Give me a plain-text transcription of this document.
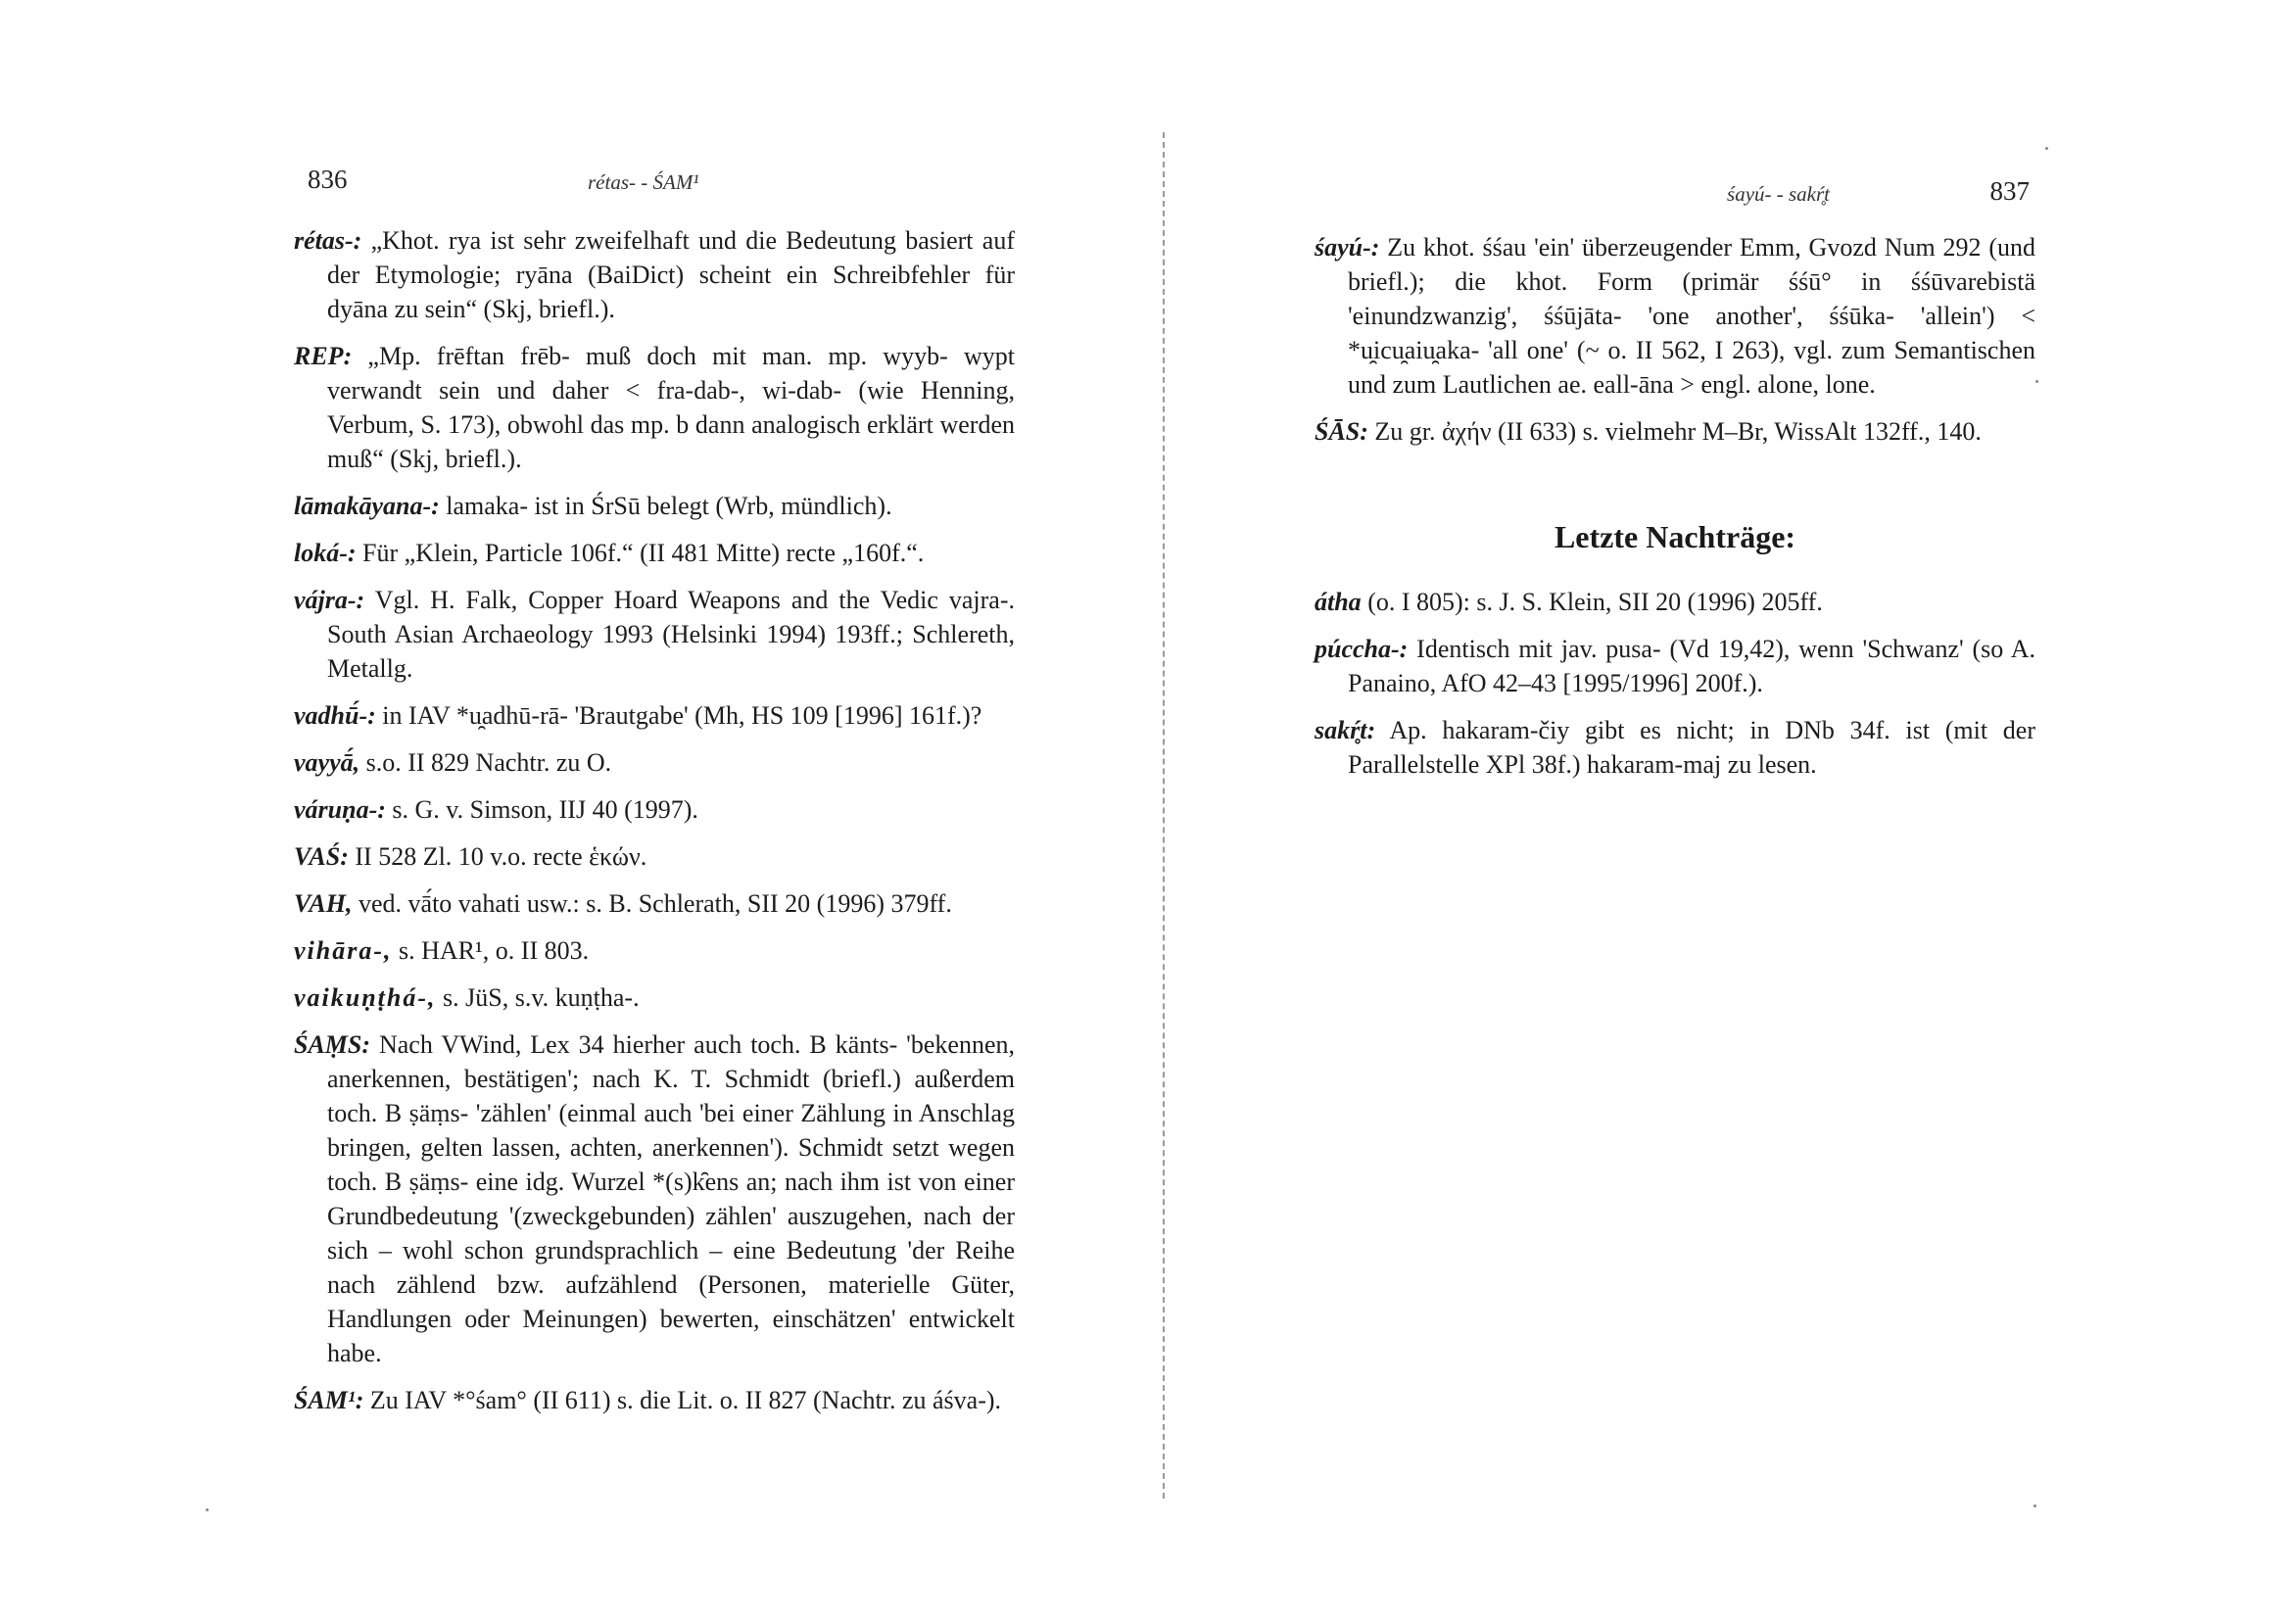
836	rétas- - ŚAM¹

rétas-: „Khot. rya ist sehr zweifelhaft und die Bedeutung basiert auf der Etymologie; ryāna (BaiDict) scheint ein Schreibfehler für dyāna zu sein“ (Skj, briefl.).

REP: „Mp. frēftan frēb- muß doch mit man. mp. wyyb- wypt verwandt sein und daher < fra-dab-, wi-dab- (wie Henning, Verbum, S. 173), obwohl das mp. b dann analogisch erklärt werden muß“ (Skj, briefl.).

lāmakāyana-: lamaka- ist in ŚrSū belegt (Wrb, mündlich).

loká-: Für „Klein, Particle 106f.“ (II 481 Mitte) recte „160f.“.

vájra-: Vgl. H. Falk, Copper Hoard Weapons and the Vedic vajra-. South Asian Archaeology 1993 (Helsinki 1994) 193ff.; Schlereth, Metallg.

vadhū́-: in IAV *u̯adhū-rā- 'Brautgabe' (Mh, HS 109 [1996] 161f.)?

vayyā́, s.o. II 829 Nachtr. zu O.

váruṇa-: s. G. v. Simson, IIJ 40 (1997).

VAŚ: II 528 Zl. 10 v.o. recte ἑκών.

VAH, ved. vā́to vahati usw.: s. B. Schlerath, SII 20 (1996) 379ff.

vihāra-, s. HAR¹, o. II 803.

vaikuṇṭhá-, s. JüS, s.v. kuṇṭha-.

ŚAṂS: Nach VWind, Lex 34 hierher auch toch. B känts- 'bekennen, anerkennen, bestätigen'; nach K. T. Schmidt (briefl.) außerdem toch. B ṣäṃs- 'zählen' (einmal auch 'bei einer Zählung in Anschlag bringen, gelten lassen, achten, anerkennen'). Schmidt setzt wegen toch. B ṣäṃs- eine idg. Wurzel *(s)k̑ens an; nach ihm ist von einer Grundbedeutung '(zweckgebunden) zählen' auszugehen, nach der sich – wohl schon grundsprachlich – eine Bedeutung 'der Reihe nach zählend bzw. aufzählend (Personen, materielle Güter, Handlungen oder Meinungen) bewerten, einschätzen' entwickelt habe.

ŚAM¹: Zu IAV *°śam° (II 611) s. die Lit. o. II 827 (Nachtr. zu áśva-).

śayú- - sakŕ̥t	837

śayú-: Zu khot. śśau 'ein' überzeugender Emm, Gvozd Num 292 (und briefl.); die khot. Form (primär śśū° in śśūvarebistä 'einundzwanzig', śśūjāta- 'one another', śśūka- 'allein') < *u̯icu̯aiu̯aka- 'all one' (~ o. II 562, I 263), vgl. zum Semantischen und zum Lautlichen ae. eall-āna > engl. alone, lone.

ŚĀS: Zu gr. ἀχήν (II 633) s. vielmehr M–Br, WissAlt 132ff., 140.

Letzte Nachträge:

átha (o. I 805): s. J. S. Klein, SII 20 (1996) 205ff.

púccha-: Identisch mit jav. pusa- (Vd 19,42), wenn 'Schwanz' (so A. Panaino, AfO 42–43 [1995/1996] 200f.).

sakŕ̥t: Ap. hakaram-čiy gibt es nicht; in DNb 34f. ist (mit der Parallelstelle XPl 38f.) hakaram-maj zu lesen.
